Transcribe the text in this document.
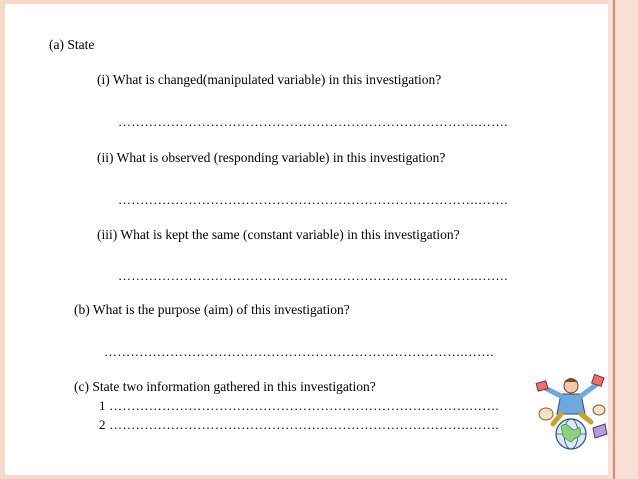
(a) State
(i) What is changed(manipulated variable) in this investigation?
……………………………………………………………………….…….
(ii) What is observed (responding variable) in this investigation?
……………………………………………………………………….…….
(iii) What is kept the same (constant variable) in this investigation?
……………………………………………………………………….…….
(b) What is the purpose (aim) of this investigation?
……………………………………………………………………….…….
(c) State two information gathered in this investigation?
1 ……………………………………………………………………….…….
2 ……………………………………………………………………….…….
